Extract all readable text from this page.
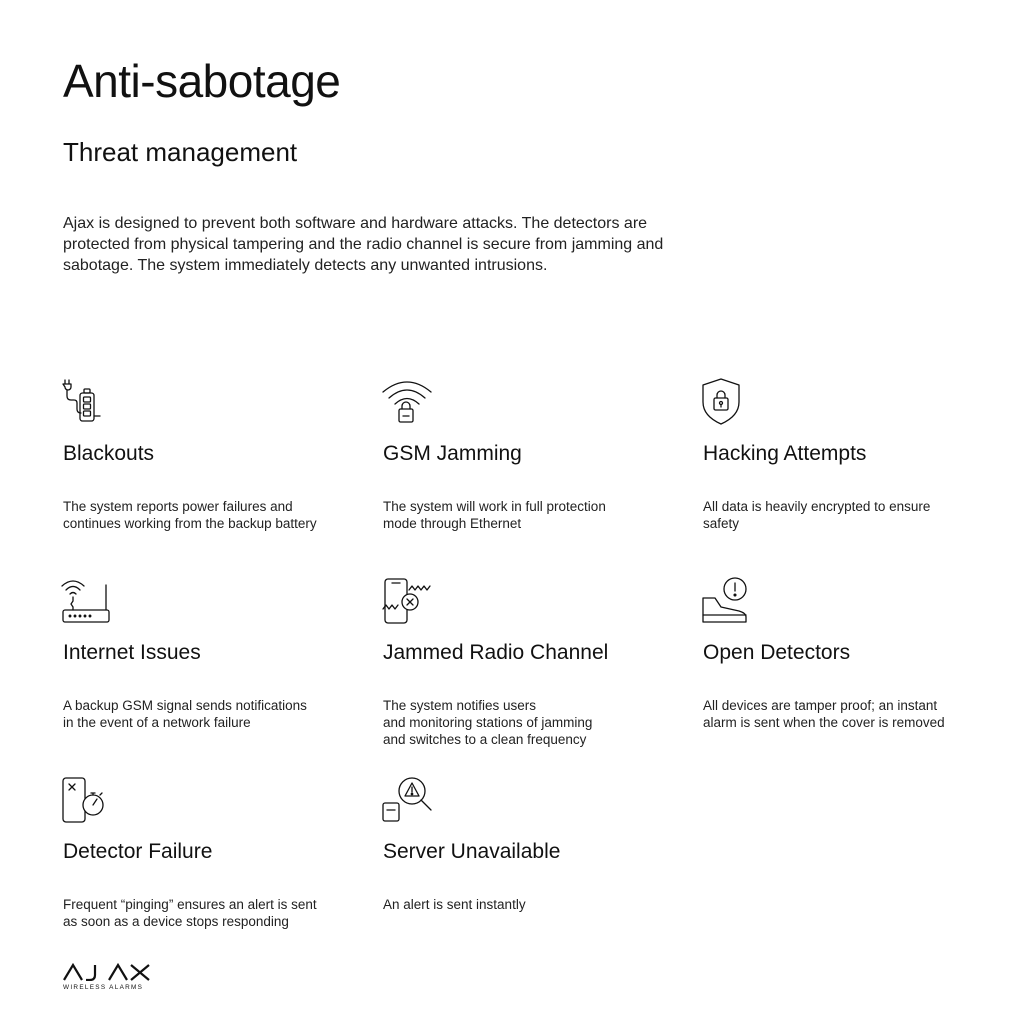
Anti-sabotage
Threat management

Ajax is designed to prevent both software and hardware attacks. The detectors are protected from physical tampering and the radio channel is secure from jamming and sabotage. The system immediately detects any unwanted intrusions.

Blackouts

The system reports power failures and
continues working from the backup battery

GSM Jamming

The system will work in full protection
mode through Ethernet

Hacking Attempts

All data is heavily encrypted to ensure
safety

Internet Issues

A backup GSM signal sends notifications
in the event of a network failure

Jammed Radio Channel

The system notifies users
and monitoring stations of jamming
and switches to a clean frequency

Open Detectors

All devices are tamper proof; an instant
alarm is sent when the cover is removed

Detector Failure

Frequent “pinging” ensures an alert is sent
as soon as a device stops responding

Server Unavailable

An alert is sent instantly

WIRELESS ALARMS
